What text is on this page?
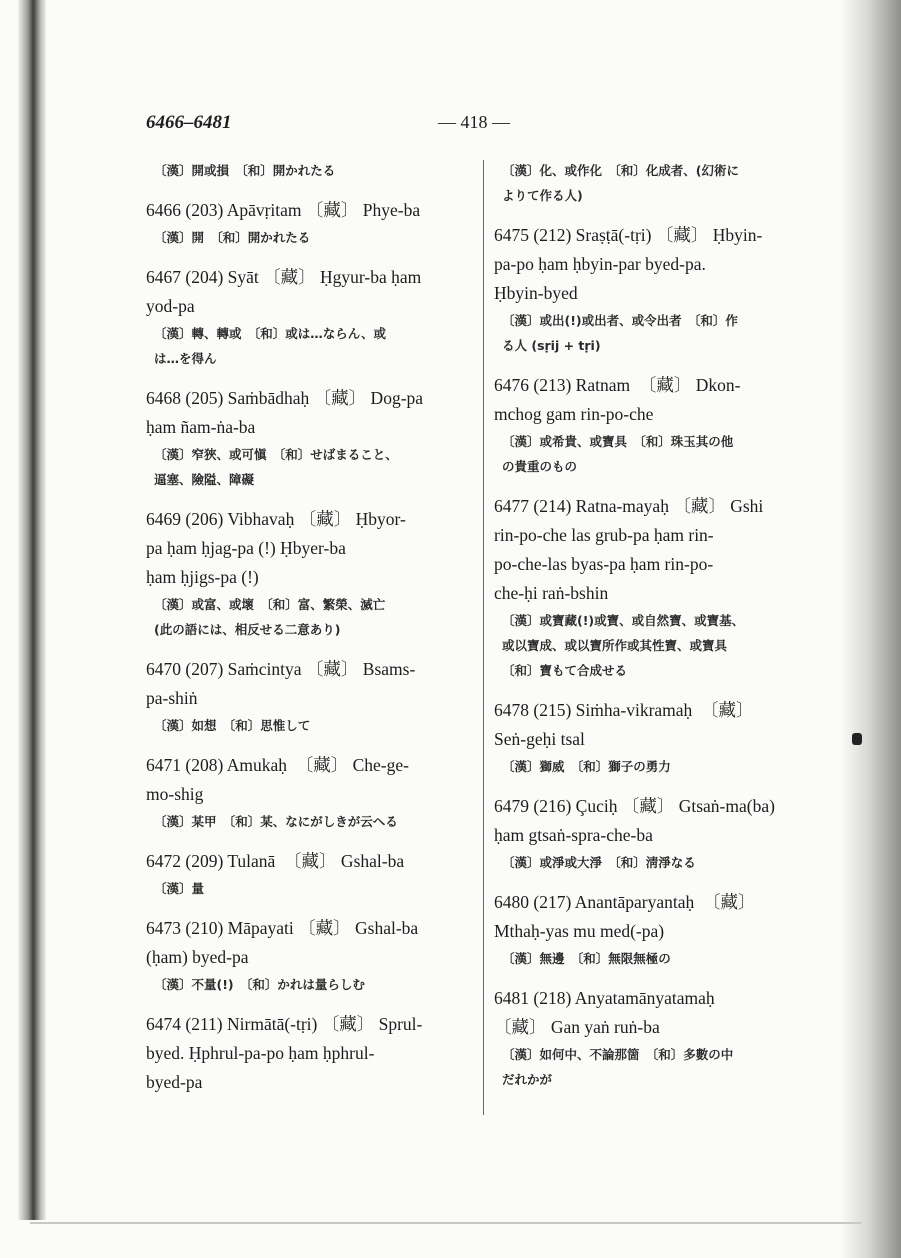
6466–6481	— 418 —
〔漢〕開或損　〔和〕開かれたる
6466 (203) Apāvṛitam 〔藏〕 Phye-ba
〔漢〕開　〔和〕開かれたる
6467 (204) Syāt 〔藏〕 Ḥgyur-ba ḥam
yod-pa
〔漢〕轉、轉或　〔和〕或は…ならん、或
は…を得ん
6468 (205) Saṁbādhaḥ 〔藏〕 Dog-pa
ḥam ñam-ṅa-ba
〔漢〕窄狹、或可愼　〔和〕せばまること、
逼塞、險隘、障礙
6469 (206) Vibhavaḥ 〔藏〕 Ḥbyor-
pa ḥam ḥjag-pa (!) Ḥbyer-ba
ḥam ḥjigs-pa (!)
〔漢〕或富、或壞　〔和〕富、繁榮、滅亡
(此の語には、相反せる二意あり)
6470 (207) Saṁcintya 〔藏〕 Bsams-
pa-shiṅ
〔漢〕如想　〔和〕思惟して
6471 (208) Amukaḥ　〔藏〕 Che-ge-
mo-shig
〔漢〕某甲　〔和〕某、なにがしきが云へる
6472 (209) Tulanā　〔藏〕 Gshal-ba
〔漢〕量
6473 (210) Māpayati 〔藏〕 Gshal-ba
(ḥam) byed-pa
〔漢〕不量(!)　〔和〕かれは量らしむ
6474 (211) Nirmātā(-tṛi) 〔藏〕 Sprul-
byed. Ḥphrul-pa-po ḥam ḥphrul-
byed-pa
〔漢〕化、或作化　〔和〕化成者、(幻術に
よりて作る人)
6475 (212) Sraṣṭā(-tṛi) 〔藏〕 Ḥbyin-
pa-po ḥam ḥbyin-par byed-pa.
Ḥbyin-byed
〔漢〕或出(!)或出者、或令出者　〔和〕作
る人 (sṛij + tṛi)
6476 (213) Ratnam　〔藏〕 Dkon-
mchog gam rin-po-che
〔漢〕或希貴、或寶具　〔和〕珠玉其の他
の貴重のもの
6477 (214) Ratna-mayaḥ 〔藏〕 Gshi
rin-po-che las grub-pa ḥam rin-
po-che-las byas-pa ḥam rin-po-
che-ḥi raṅ-bshin
〔漢〕或寶藏(!)或寶、或自然寶、或寶基、
或以寶成、或以寶所作或其性寶、或寶具
〔和〕寶もて合成せる
6478 (215) Siṁha-vikramaḥ　〔藏〕
Seṅ-geḥi tsal
〔漢〕獅威　〔和〕獅子の勇力
6479 (216) Çuciḥ 〔藏〕 Gtsaṅ-ma(ba)
ḥam gtsaṅ-spra-che-ba
〔漢〕或淨或大淨　〔和〕淸淨なる
6480 (217) Anantāparyantaḥ　〔藏〕
Mthaḥ-yas mu med(-pa)
〔漢〕無邊　〔和〕無限無極の
6481 (218) Anyatamānyatamaḥ
〔藏〕 Gan yaṅ ruṅ-ba
〔漢〕如何中、不論那箇　〔和〕多數の中
だれかが
